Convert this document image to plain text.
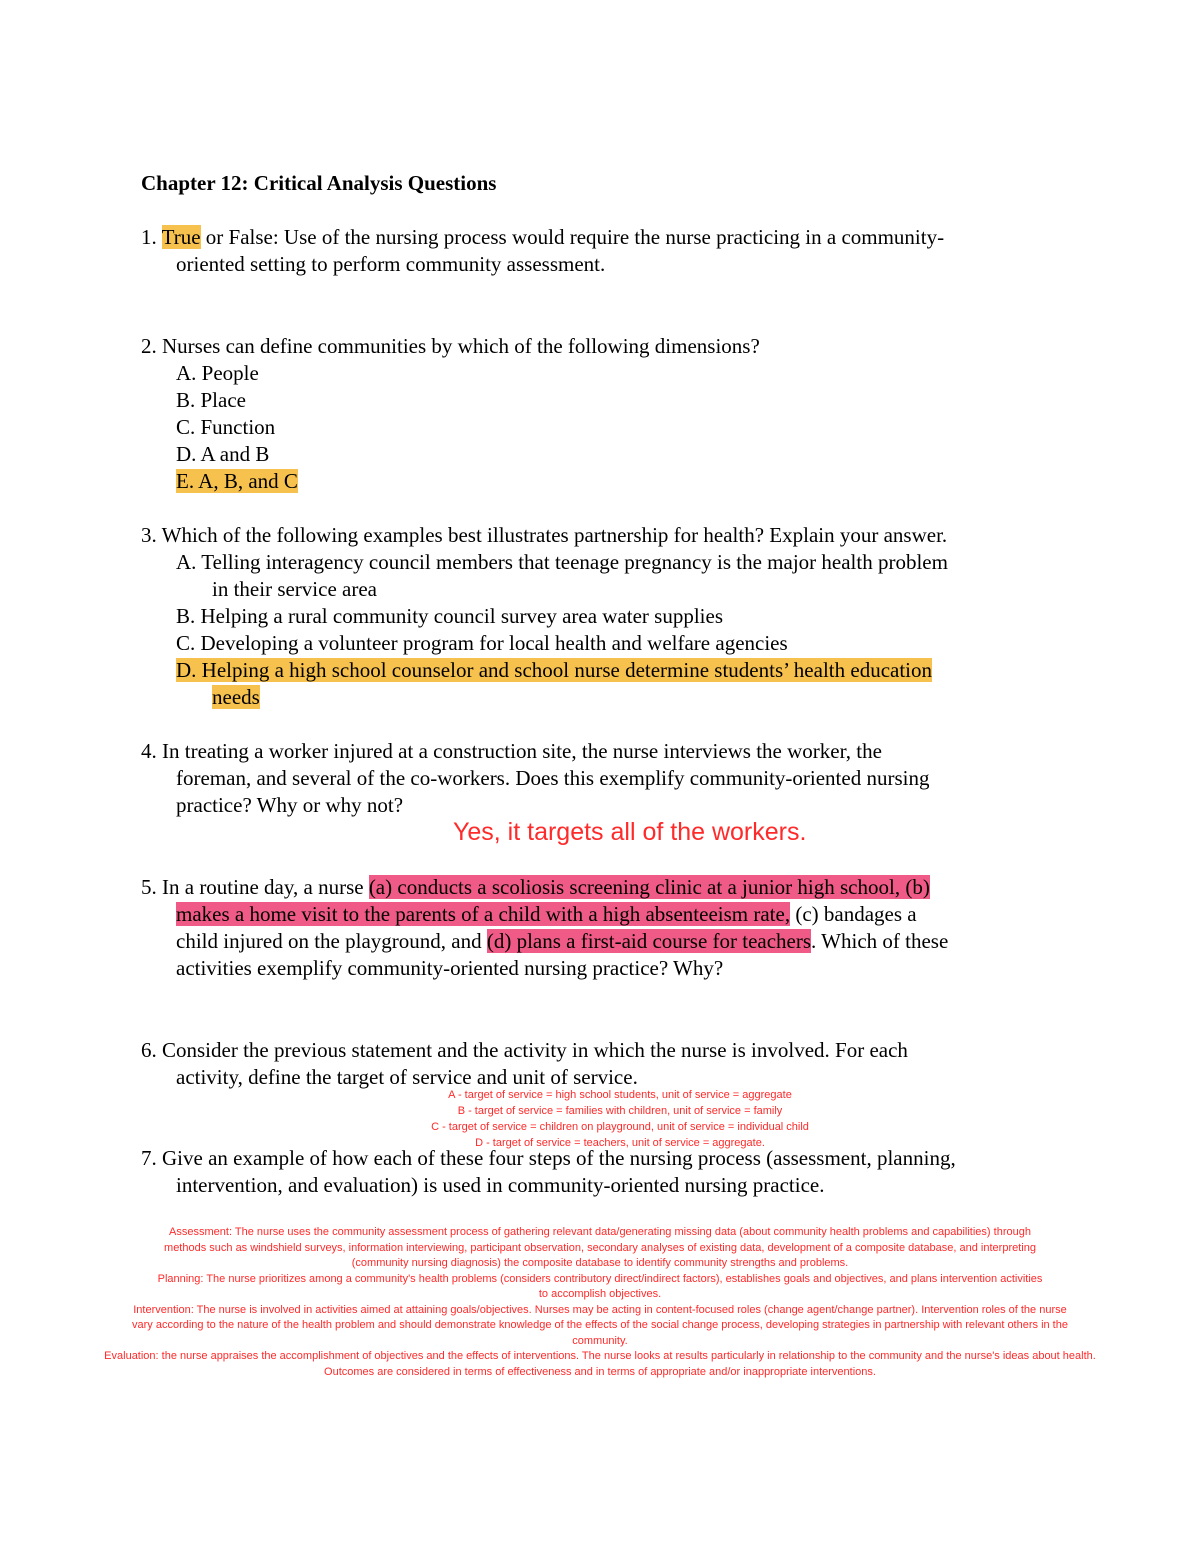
Chapter 12: Critical Analysis Questions
1. True or False: Use of the nursing process would require the nurse practicing in a community-
oriented setting to perform community assessment.
2. Nurses can define communities by which of the following dimensions?
A. People
B. Place
C. Function
D. A and B
E. A, B, and C
3. Which of the following examples best illustrates partnership for health? Explain your answer.
A. Telling interagency council members that teenage pregnancy is the major health problem
in their service area
B. Helping a rural community council survey area water supplies
C. Developing a volunteer program for local health and welfare agencies
D. Helping a high school counselor and school nurse determine students’ health education
needs
4. In treating a worker injured at a construction site, the nurse interviews the worker, the
foreman, and several of the co-workers. Does this exemplify community-oriented nursing
practice? Why or why not?
Yes, it targets all of the workers.
5. In a routine day, a nurse (a) conducts a scoliosis screening clinic at a junior high school, (b)
makes a home visit to the parents of a child with a high absenteeism rate, (c) bandages a
child injured on the playground, and (d) plans a first-aid course for teachers. Which of these
activities exemplify community-oriented nursing practice? Why?
6. Consider the previous statement and the activity in which the nurse is involved. For each
activity, define the target of service and unit of service.
A - target of service = high school students, unit of service = aggregate
B - target of service = families with children, unit of service = family
C - target of service = children on playground, unit of service = individual child
D - target of service = teachers, unit of service = aggregate.
7. Give an example of how each of these four steps of the nursing process (assessment, planning,
intervention, and evaluation) is used in community-oriented nursing practice.
Assessment: The nurse uses the community assessment process of gathering relevant data/generating missing data (about community health problems and capabilities) through
methods such as windshield surveys, information interviewing, participant observation, secondary analyses of existing data, development of a composite database, and interpreting
(community nursing diagnosis) the composite database to identify community strengths and problems.
Planning: The nurse prioritizes among a community's health problems (considers contributory direct/indirect factors), establishes goals and objectives, and plans intervention activities
to accomplish objectives.
Intervention: The nurse is involved in activities aimed at attaining goals/objectives. Nurses may be acting in content-focused roles (change agent/change partner). Intervention roles of the nurse
vary according to the nature of the health problem and should demonstrate knowledge of the effects of the social change process, developing strategies in partnership with relevant others in the
community.
Evaluation: the nurse appraises the accomplishment of objectives and the effects of interventions. The nurse looks at results particularly in relationship to the community and the nurse's ideas about health.
Outcomes are considered in terms of effectiveness and in terms of appropriate and/or inappropriate interventions.
